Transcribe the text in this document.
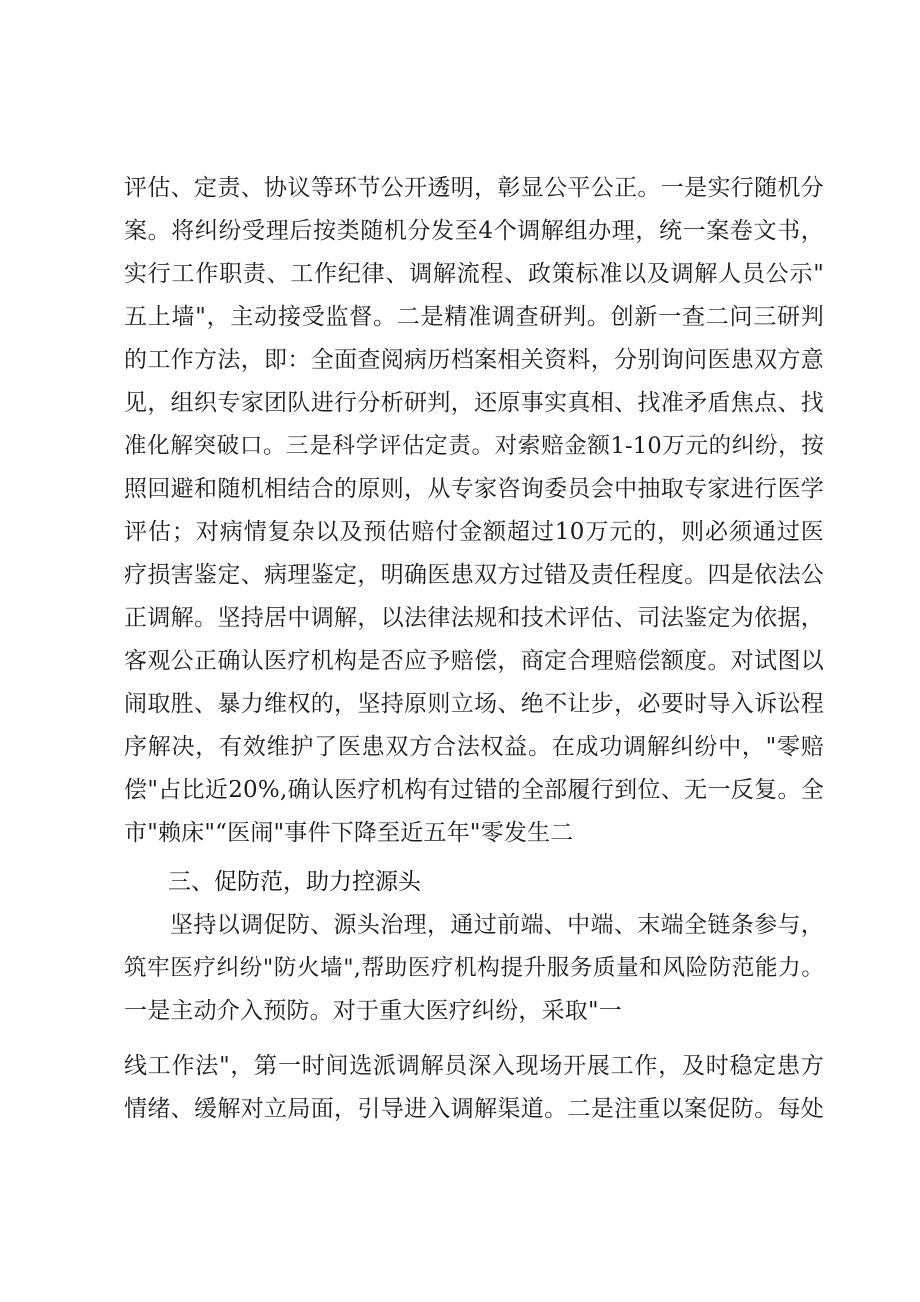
评估、定责、协议等环节公开透明，彰显公平公正。一是实行随机分
案。将纠纷受理后按类随机分发至4个调解组办理，统一案卷文书，
实行工作职责、工作纪律、调解流程、政策标准以及调解人员公示"
五上墙"，主动接受监督。二是精准调查研判。创新一查二问三研判
的工作方法，即：全面查阅病历档案相关资料，分别询问医患双方意
见，组织专家团队进行分析研判，还原事实真相、找准矛盾焦点、找
准化解突破口。三是科学评估定责。对索赔金额1-10万元的纠纷，按
照回避和随机相结合的原则，从专家咨询委员会中抽取专家进行医学
评估；对病情复杂以及预估赔付金额超过10万元的，则必须通过医
疗损害鉴定、病理鉴定，明确医患双方过错及责任程度。四是依法公
正调解。坚持居中调解，以法律法规和技术评估、司法鉴定为依据，
客观公正确认医疗机构是否应予赔偿，商定合理赔偿额度。对试图以
闹取胜、暴力维权的，坚持原则立场、绝不让步，必要时导入诉讼程
序解决，有效维护了医患双方合法权益。在成功调解纠纷中，"零赔
偿"占比近20%,确认医疗机构有过错的全部履行到位、无一反复。全
市"赖床"“医闹"事件下降至近五年"零发生二
三、促防范，助力控源头
坚持以调促防、源头治理，通过前端、中端、末端全链条参与，
筑牢医疗纠纷"防火墙",帮助医疗机构提升服务质量和风险防范能力。
一是主动介入预防。对于重大医疗纠纷，采取"一
线工作法"，第一时间选派调解员深入现场开展工作，及时稳定患方
情绪、缓解对立局面，引导进入调解渠道。二是注重以案促防。每处
